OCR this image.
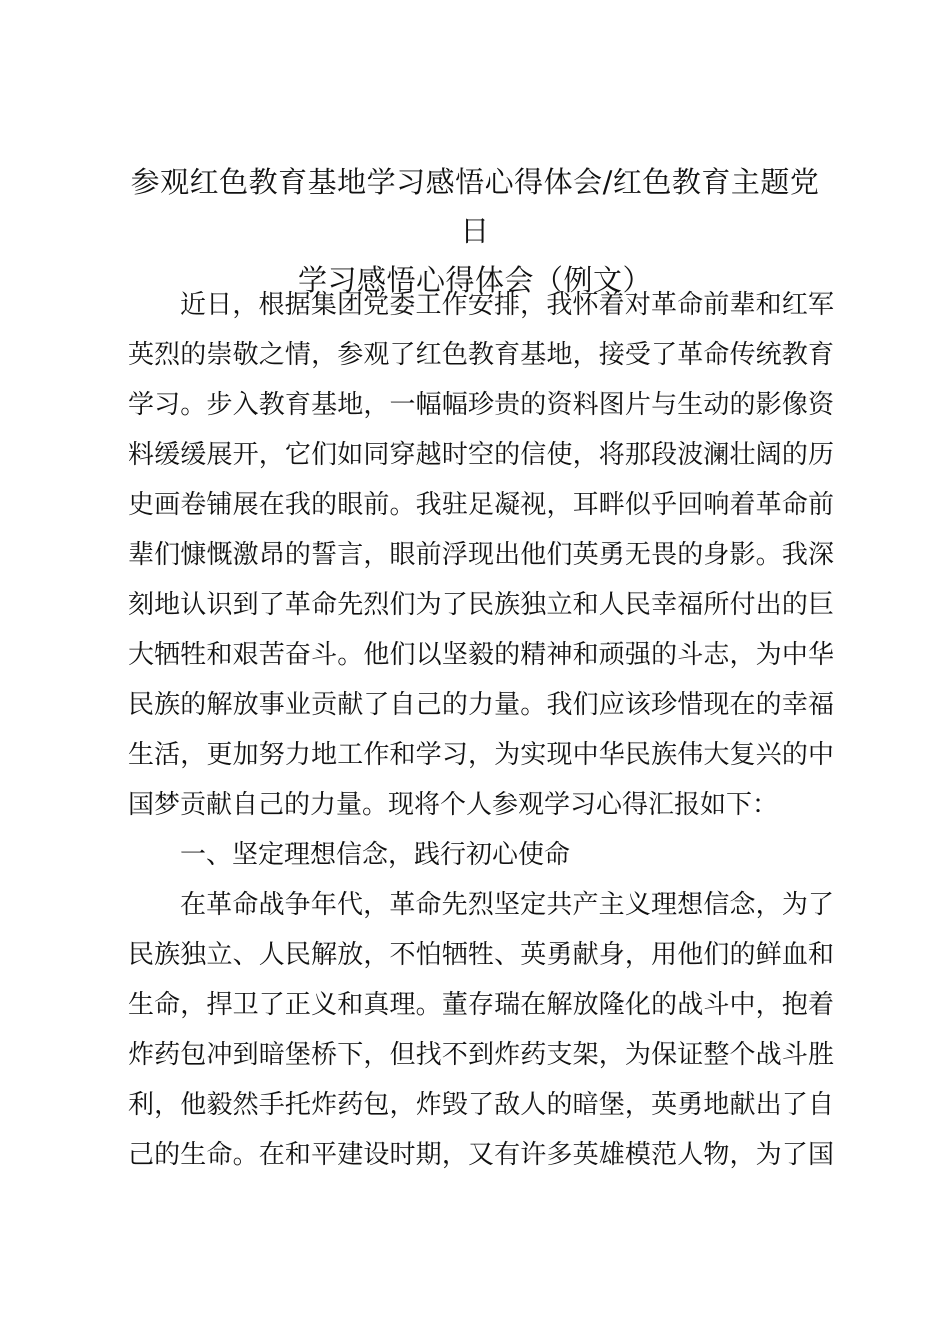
参观红色教育基地学习感悟心得体会/红色教育主题党日
学习感悟心得体会（例文）
近日，根据集团党委工作安排，我怀着对革命前辈和红军
英烈的崇敬之情，参观了红色教育基地，接受了革命传统教育
学习。步入教育基地，一幅幅珍贵的资料图片与生动的影像资
料缓缓展开，它们如同穿越时空的信使，将那段波澜壮阔的历
史画卷铺展在我的眼前。我驻足凝视，耳畔似乎回响着革命前
辈们慷慨激昂的誓言，眼前浮现出他们英勇无畏的身影。我深
刻地认识到了革命先烈们为了民族独立和人民幸福所付出的巨
大牺牲和艰苦奋斗。他们以坚毅的精神和顽强的斗志，为中华
民族的解放事业贡献了自己的力量。我们应该珍惜现在的幸福
生活，更加努力地工作和学习，为实现中华民族伟大复兴的中
国梦贡献自己的力量。现将个人参观学习心得汇报如下：
一、坚定理想信念，践行初心使命
在革命战争年代，革命先烈坚定共产主义理想信念，为了
民族独立、人民解放，不怕牺牲、英勇献身，用他们的鲜血和
生命，捍卫了正义和真理。董存瑞在解放隆化的战斗中，抱着
炸药包冲到暗堡桥下，但找不到炸药支架，为保证整个战斗胜
利，他毅然手托炸药包，炸毁了敌人的暗堡，英勇地献出了自
己的生命。在和平建设时期，又有许多英雄模范人物，为了国
